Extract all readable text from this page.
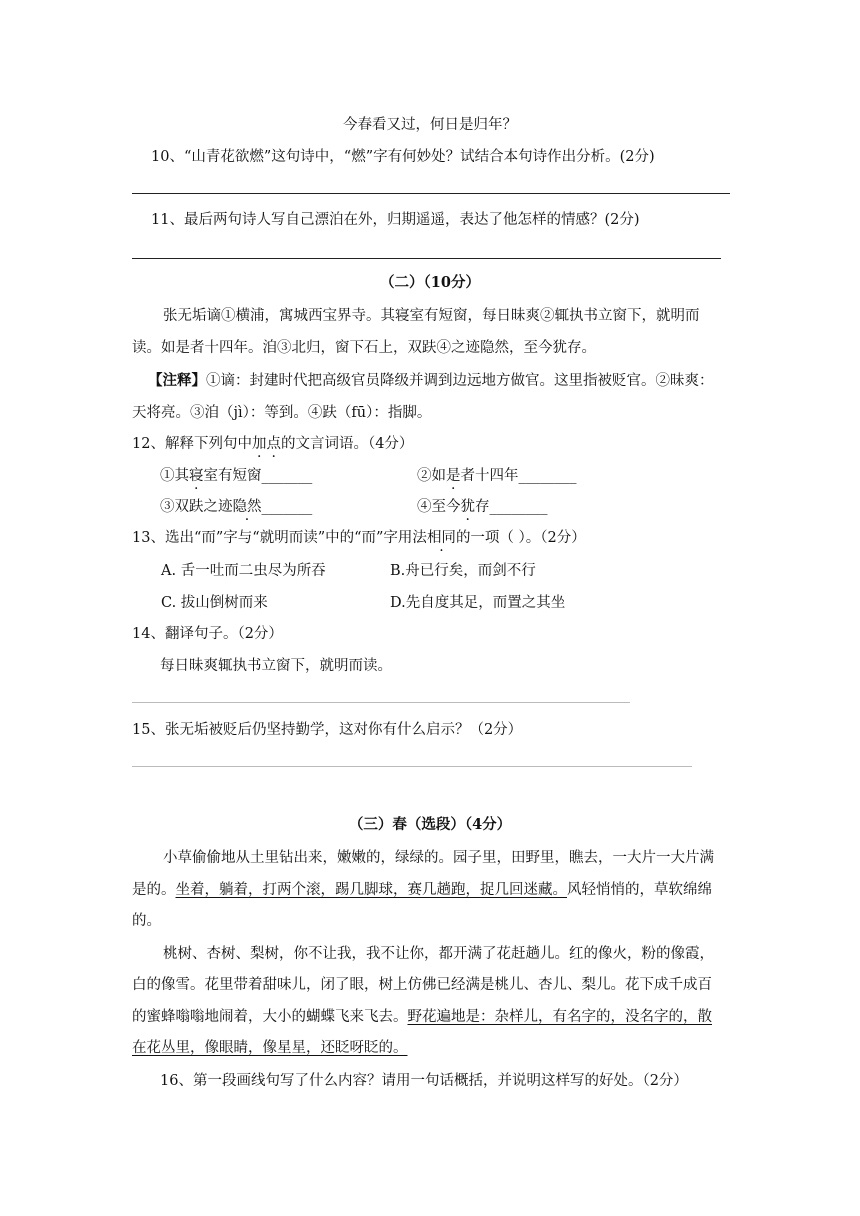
今春看又过，何日是归年？
10、“山青花欲燃”这句诗中，“燃”字有何妙处？试结合本句诗作出分析。(2分)
11、最后两句诗人写自己漂泊在外，归期遥遥，表达了他怎样的情感？(2分)
（二）（10分）
张无垢谪①横浦，寓城西宝界寺。其寝室有短窗，每日昧爽②辄执书立窗下，就明而
读。如是者十四年。洎③北归，窗下石上，双趺④之迹隐然，至今犹存。
【注释】①谪：封建时代把高级官员降级并调到边远地方做官。这里指被贬官。②昧爽：
天将亮。③洎（jì）：等到。④趺（fū）：指脚。
12、解释下列句中加点的文言词语。（4分）
①其寝室有短窗_______	②如是者十四年________
③双趺之迹隐然_______	④至今犹存________
13、选出“而”字与“就明而读”中的“而”字用法相同的一项（ ）。（2分）
A. 舌一吐而二虫尽为所吞	B.舟已行矣，而剑不行
C. 拔山倒树而来	D.先自度其足，而置之其坐
14、翻译句子。（2分）
每日昧爽辄执书立窗下，就明而读。
15、张无垢被贬后仍坚持勤学，这对你有什么启示？（2分）
（三）春（选段）（4分）
小草偷偷地从土里钻出来，嫩嫩的，绿绿的。园子里，田野里，瞧去，一大片一大片满
是的。坐着，躺着，打两个滚，踢几脚球，赛几趟跑，捉几回迷藏。风轻悄悄的，草软绵绵
的。
桃树、杏树、梨树，你不让我，我不让你，都开满了花赶趟儿。红的像火，粉的像霞，
白的像雪。花里带着甜味儿，闭了眼，树上仿佛已经满是桃儿、杏儿、梨儿。花下成千成百
的蜜蜂嗡嗡地闹着，大小的蝴蝶飞来飞去。野花遍地是：杂样儿，有名字的，没名字的，散
在花丛里，像眼睛，像星星，还眨呀眨的。
16、第一段画线句写了什么内容？请用一句话概括，并说明这样写的好处。（2分）
